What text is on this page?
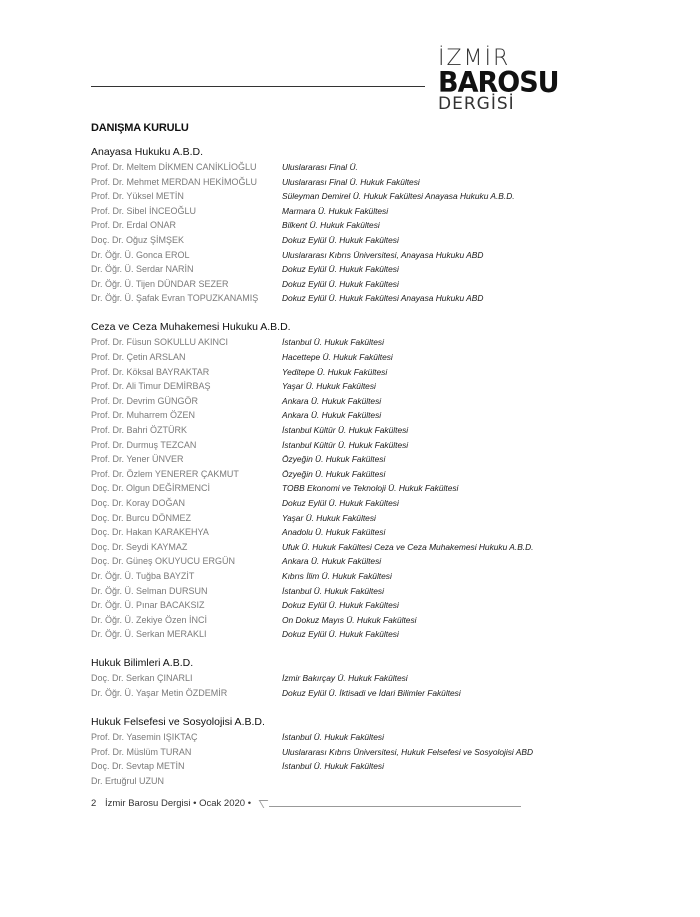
İZMİR
BAROSU
DERGİSİ
DANIŞMA KURULU
Anayasa Hukuku A.B.D.
Prof. Dr. Meltem DİKMEN CANİKLİOĞLU	Uluslararası Final Ü.
Prof. Dr. Mehmet MERDAN HEKİMOĞLU	Uluslararası Final Ü. Hukuk Fakültesi
Prof. Dr. Yüksel METİN	Süleyman Demirel Ü. Hukuk Fakültesi Anayasa Hukuku A.B.D.
Prof. Dr. Sibel İNCEOĞLU	Marmara Ü. Hukuk Fakültesi
Prof. Dr. Erdal ONAR	Bilkent Ü. Hukuk Fakültesi
Doç. Dr. Oğuz ŞİMŞEK	Dokuz Eylül Ü. Hukuk Fakültesi
Dr. Öğr. Ü. Gonca EROL	Uluslararası Kıbrıs Üniversitesi, Anayasa Hukuku ABD
Dr. Öğr. Ü. Serdar NARİN	Dokuz Eylül Ü. Hukuk Fakültesi
Dr. Öğr. Ü. Tijen DÜNDAR SEZER	Dokuz Eylül Ü. Hukuk Fakültesi
Dr. Öğr. Ü. Şafak Evran TOPUZKANAMIŞ	Dokuz Eylül Ü. Hukuk Fakültesi Anayasa Hukuku ABD
Ceza ve Ceza Muhakemesi Hukuku A.B.D.
Prof. Dr. Füsun SOKULLU AKINCI	İstanbul Ü. Hukuk Fakültesi
Prof. Dr. Çetin ARSLAN	Hacettepe Ü. Hukuk Fakültesi
Prof. Dr. Köksal BAYRAKTAR	Yeditepe Ü. Hukuk Fakültesi
Prof. Dr. Ali Timur DEMİRBAŞ	Yaşar Ü. Hukuk Fakültesi
Prof. Dr. Devrim GÜNGÖR	Ankara Ü. Hukuk Fakültesi
Prof. Dr. Muharrem ÖZEN	Ankara Ü. Hukuk Fakültesi
Prof. Dr. Bahri ÖZTÜRK	İstanbul Kültür Ü. Hukuk Fakültesi
Prof. Dr. Durmuş TEZCAN	İstanbul Kültür Ü. Hukuk Fakültesi
Prof. Dr. Yener ÜNVER	Özyeğin Ü. Hukuk Fakültesi
Prof. Dr. Özlem YENERER ÇAKMUT	Özyeğin Ü. Hukuk Fakültesi
Doç. Dr. Olgun DEĞİRMENCİ	TOBB Ekonomi ve Teknoloji Ü. Hukuk Fakültesi
Doç. Dr. Koray DOĞAN	Dokuz Eylül Ü. Hukuk Fakültesi
Doç. Dr. Burcu DÖNMEZ	Yaşar Ü. Hukuk Fakültesi
Doç. Dr. Hakan KARAKEHYA	Anadolu Ü. Hukuk Fakültesi
Doç. Dr. Seydi KAYMAZ	Ufuk Ü. Hukuk Fakültesi Ceza ve Ceza Muhakemesi Hukuku A.B.D.
Doç. Dr. Güneş OKUYUCU ERGÜN	Ankara Ü. Hukuk Fakültesi
Dr. Öğr. Ü. Tuğba BAYZİT	Kıbrıs İlim Ü. Hukuk Fakültesi
Dr. Öğr. Ü. Selman DURSUN	İstanbul Ü. Hukuk Fakültesi
Dr. Öğr. Ü. Pınar BACAKSIZ	Dokuz Eylül Ü. Hukuk Fakültesi
Dr. Öğr. Ü. Zekiye Özen İNCİ	On Dokuz Mayıs Ü. Hukuk Fakültesi
Dr. Öğr. Ü. Serkan MERAKLI	Dokuz Eylül Ü. Hukuk Fakültesi
Hukuk Bilimleri A.B.D.
Doç. Dr. Serkan ÇINARLI	İzmir Bakırçay Ü. Hukuk Fakültesi
Dr. Öğr. Ü. Yaşar Metin ÖZDEMİR	Dokuz Eylül Ü. İktisadi ve İdari Bilimler Fakültesi
Hukuk Felsefesi ve Sosyolojisi A.B.D.
Prof. Dr. Yasemin IŞIKTAÇ	İstanbul Ü. Hukuk Fakültesi
Prof. Dr. Müslüm TURAN	Uluslararası Kıbrıs Üniversitesi, Hukuk Felsefesi ve Sosyolojisi ABD
Doç. Dr. Sevtap METİN	İstanbul Ü. Hukuk Fakültesi
Dr. Ertuğrul UZUN
2 İzmir Barosu Dergisi • Ocak 2020 •
